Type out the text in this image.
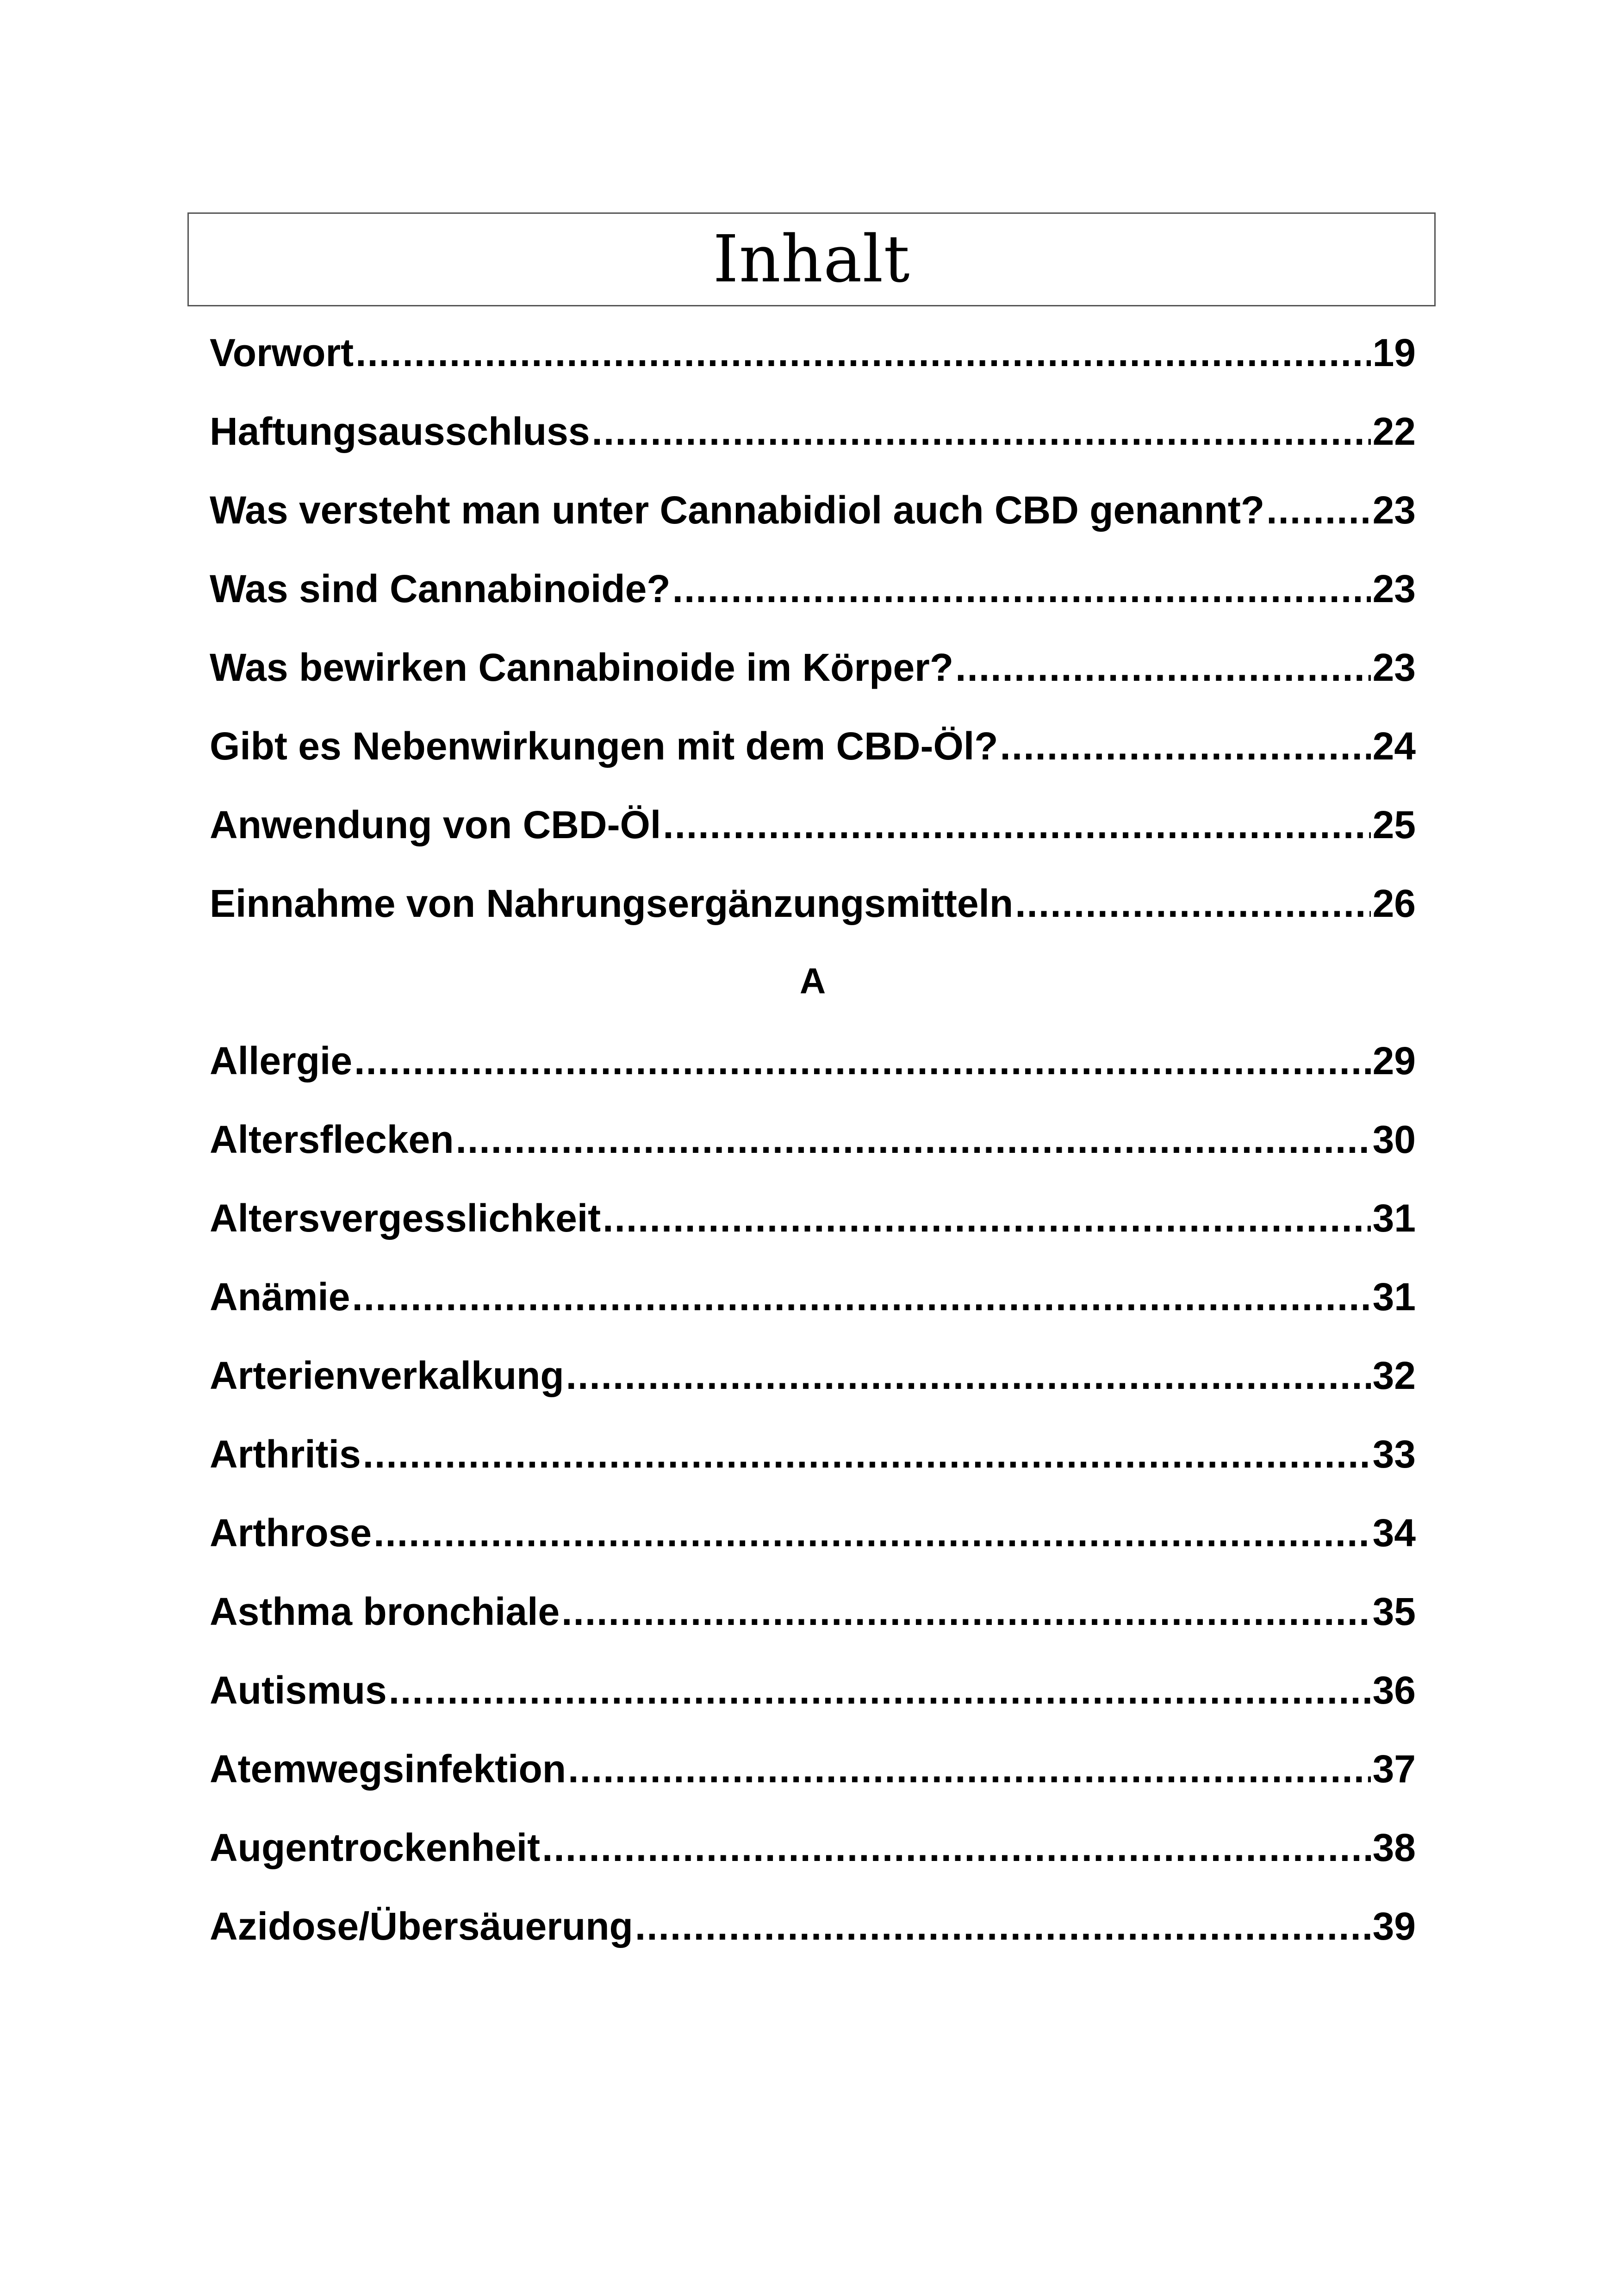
Inhalt
Vorwort .....	19
Haftungsausschluss .....	22
Was versteht man unter Cannabidiol auch CBD genannt? .....	23
Was sind Cannabinoide? .....	23
Was bewirken Cannabinoide im Körper? .....	23
Gibt es Nebenwirkungen mit dem CBD-Öl? .....	24
Anwendung von CBD-Öl .....	25
Einnahme von Nahrungsergänzungsmitteln .....	26
A
Allergie .....	29
Altersflecken .....	30
Altersvergesslichkeit .....	31
Anämie .....	31
Arterienverkalkung .....	32
Arthritis .....	33
Arthrose .....	34
Asthma bronchiale .....	35
Autismus .....	36
Atemwegsinfektion .....	37
Augentrockenheit .....	38
Azidose/Übersäuerung .....	39
